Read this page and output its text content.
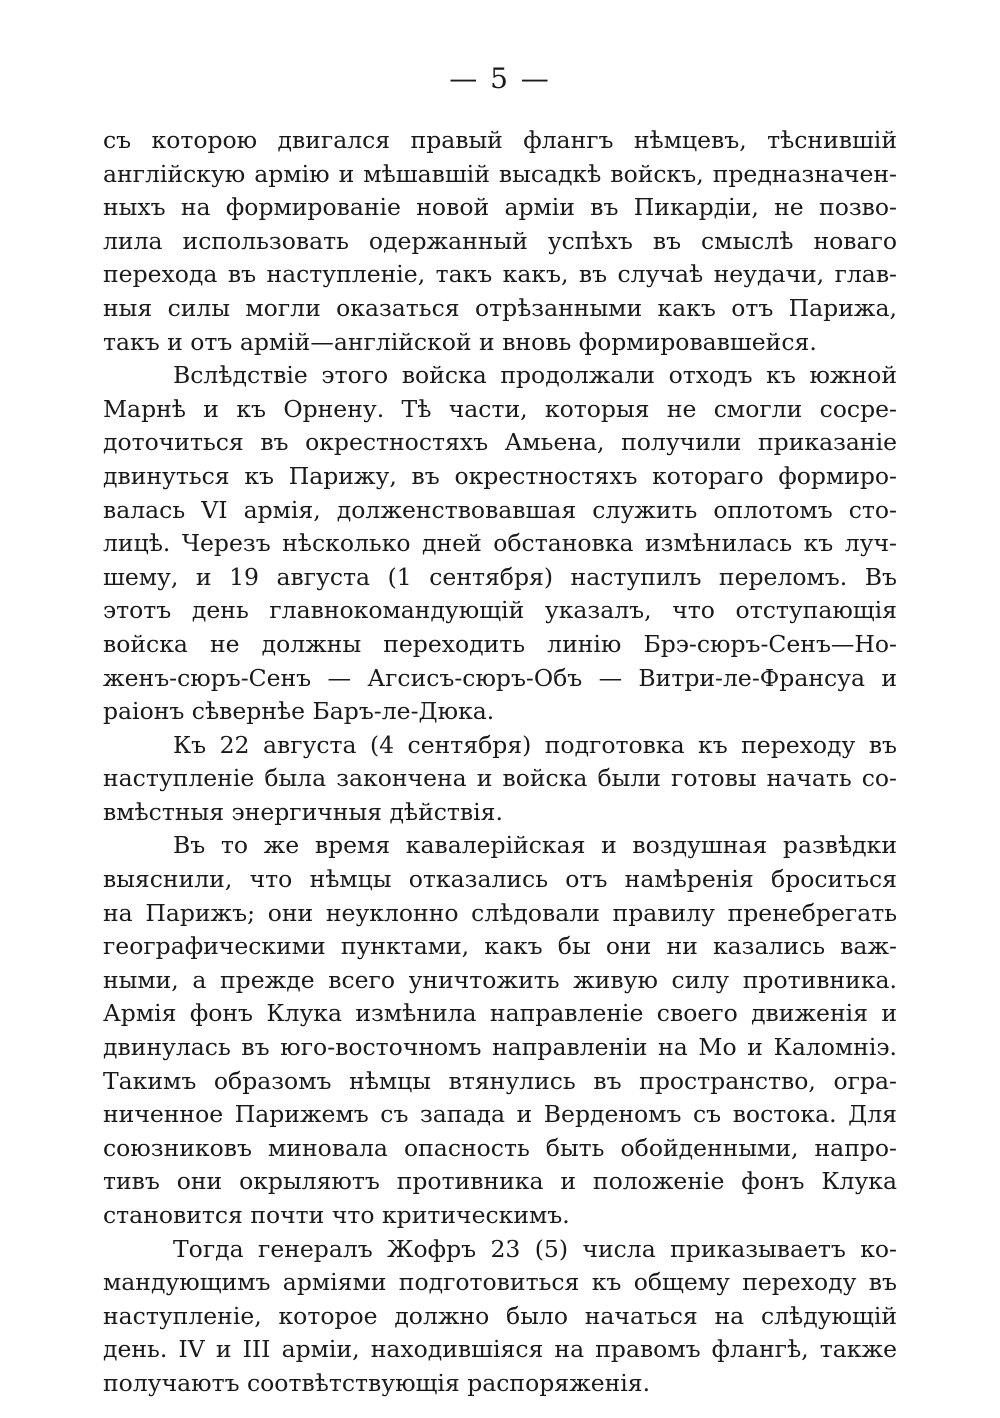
— 5 —
съ которою двигался правый флангъ нѣмцевъ, тѣснившій
англійскую армію и мѣшавшій высадкѣ войскъ, предназначен-
ныхъ на формированіе новой арміи въ Пикардіи, не позво-
лила использовать одержанный успѣхъ въ смыслѣ новаго
перехода въ наступленіе, такъ какъ, въ случаѣ неудачи, глав-
ныя силы могли оказаться отрѣзанными какъ отъ Парижа,
такъ и отъ армій—англійской и вновь формировавшейся.
Вслѣдствіе этого войска продолжали отходъ къ южной
Марнѣ и къ Орнену. Тѣ части, которыя не смогли сосре-
доточиться въ окрестностяхъ Амьена, получили приказаніе
двинуться къ Парижу, въ окрестностяхъ котораго формиро-
валась VI армія, долженствовавшая служить оплотомъ сто-
лицѣ. Черезъ нѣсколько дней обстановка измѣнилась къ луч-
шему, и 19 августа (1 сентября) наступилъ переломъ. Въ
этотъ день главнокомандующій указалъ, что отступающія
войска не должны переходить линію Брэ-сюръ-Сенъ—Но-
женъ-сюръ-Сенъ — Агсисъ-сюръ-Объ — Витри-ле-Франсуа и
раіонъ сѣвернѣе Баръ-ле-Дюка.
Къ 22 августа (4 сентября) подготовка къ переходу въ
наступленіе была закончена и войска были готовы начать со-
вмѣстныя энергичныя дѣйствія.
Въ то же время кавалерійская и воздушная развѣдки
выяснили, что нѣмцы отказались отъ намѣренія броситься
на Парижъ; они неуклонно слѣдовали правилу пренебрегать
географическими пунктами, какъ бы они ни казались важ-
ными, а прежде всего уничтожить живую силу противника.
Армія фонъ Клука измѣнила направленіе своего движенія и
двинулась въ юго-восточномъ направленіи на Мо и Каломніэ.
Такимъ образомъ нѣмцы втянулись въ пространство, огра-
ниченное Парижемъ съ запада и Верденомъ съ востока. Для
союзниковъ миновала опасность быть обойденными, напро-
тивъ они окрыляютъ противника и положеніе фонъ Клука
становится почти что критическимъ.
Тогда генералъ Жофръ 23 (5) числа приказываетъ ко-
мандующимъ арміями подготовиться къ общему переходу въ
наступленіе, которое должно было начаться на слѣдующій
день. IV и III арміи, находившіяся на правомъ флангѣ, также
получаютъ соотвѣтствующія распоряженія.
